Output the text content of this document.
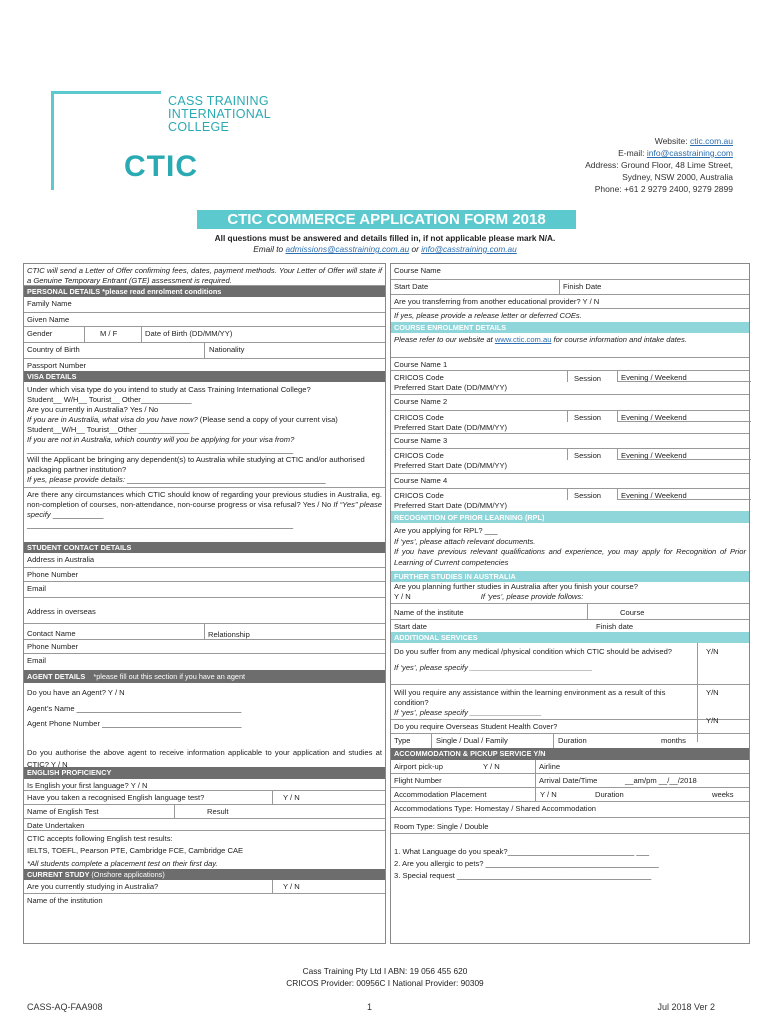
CASS TRAINING
INTERNATIONAL
COLLEGE
CTIC
Website: ctic.com.au
E-mail: info@casstraining.com
Address: Ground Floor, 48 Lime Street,
Sydney, NSW 2000, Australia
Phone: +61 2 9279 2400, 9279 2899
CTIC COMMERCE APPLICATION FORM 2018
All questions must be answered and details filled in, if not applicable please mark N/A.
Email to admissions@casstraining.com.au or info@casstraining.com.au
CTIC will send a Letter of Offer confirming fees, dates, payment methods. Your Letter of Offer will state if a Genuine Temporary Entrant (GTE) assessment is required.
PERSONAL DETAILS *please read enrolment conditions
Family Name
Given Name
Gender	M / F	Date of Birth (DD/MM/YY)
Country of Birth	Nationality
Passport Number
VISA DETAILS
Under which visa type do you intend to study at Cass Training International College?
Student__ W/H__ Tourist__ Other____________
Are you currently in Australia? Yes / No
If you are in Australia, what visa do you have now? (Please send a copy of your current visa) Student__W/H__ Tourist__Other ____________
If you are not in Australia, which country will you be applying for your visa from?
_______________________________________________________________
Will the Applicant be bringing any dependent(s) to Australia while studying at CTIC and/or authorised packaging partner institution?
If yes, please provide details: _______________________________________________
Are there any circumstances which CTIC should know of regarding your previous studies in Australia, eg. non-completion of courses, non-attendance, non-course progress or visa refusal? Yes / No If “Yes” please specify ____________
_______________________________________________________________
STUDENT CONTACT DETAILS
Address in Australia
Phone Number
Email
Address in overseas
Contact Name	Relationship
Phone Number
Email
AGENT DETAILS *please fill out this section if you have an agent
Do you have an Agent? Y / N
Agent’s Name _______________________________________
Agent Phone Number _________________________________
Do you authorise the above agent to receive information applicable to your application and studies at CTIC? Y / N
ENGLISH PROFICIENCY
Is English your first language? Y / N
Have you taken a recognised English language test?	Y / N
Name of English Test	Result
Date Undertaken
CTIC accepts following English test results:
IELTS, TOEFL, Pearson PTE, Cambridge FCE, Cambridge CAE
*All students complete a placement test on their first day.
CURRENT STUDY (Onshore applications)
Are you currently studying in Australia?	Y / N
Name of the institution
Course Name
Start Date	Finish Date
Are you transferring from another educational provider? Y / N
If yes, please provide a release letter or deferred COEs.
COURSE ENROLMENT DETAILS
Please refer to our website at www.ctic.com.au for course information and intake dates.
Course Name 1
CRICOS Code
Preferred Start Date (DD/MM/YY)
Session	Evening / Weekend
Course Name 2
CRICOS Code
Preferred Start Date (DD/MM/YY)
Session	Evening / Weekend
Course Name 3
CRICOS Code
Preferred Start Date (DD/MM/YY)
Session	Evening / Weekend
Course Name 4
CRICOS Code
Preferred Start Date (DD/MM/YY)
Session	Evening / Weekend
RECOGNITION OF PRIOR LEARNING (RPL)
Are you applying for RPL? ___
If ‘yes’, please attach relevant documents.
If you have previous relevant qualifications and experience, you may apply for Recognition of Prior Learning of Current competencies
FURTHER STUDIES IN AUSTRALIA
Are you planning further studies in Australia after you finish your course?
Y / N	If ‘yes’, please provide follows:
Name of the institute	Course
Start date	Finish date
ADDITIONAL SERVICES
Do you suffer from any medical /physical condition which CTIC should be advised?
If ‘yes’, please specify _____________________________
Y/N
Will you require any assistance within the learning environment as a result of this condition?
If ‘yes’, please specify _________________
Y/N
Do you require Overseas Student Health Cover?
Y/N
Type	Single / Dual / Family	Duration	months
ACCOMMODATION & PICKUP SERVICE Y/N
Airport pick-up	Y / N	Airline
Flight Number	Arrival Date/Time	__am/pm __/__/2018
Accommodation Placement	Y / N	Duration	weeks
Accommodations Type: Homestay / Shared Accommodation
Room Type: Single / Double
1. What Language do you speak?______________________________ ___
2. Are you allergic to pets? _________________________________________
3. Special request ______________________________________________
Cass Training Pty Ltd I ABN: 19 056 455 620
CRICOS Provider: 00956C I National Provider: 90309
CASS-AQ-FAA908	1	Jul 2018 Ver 2
